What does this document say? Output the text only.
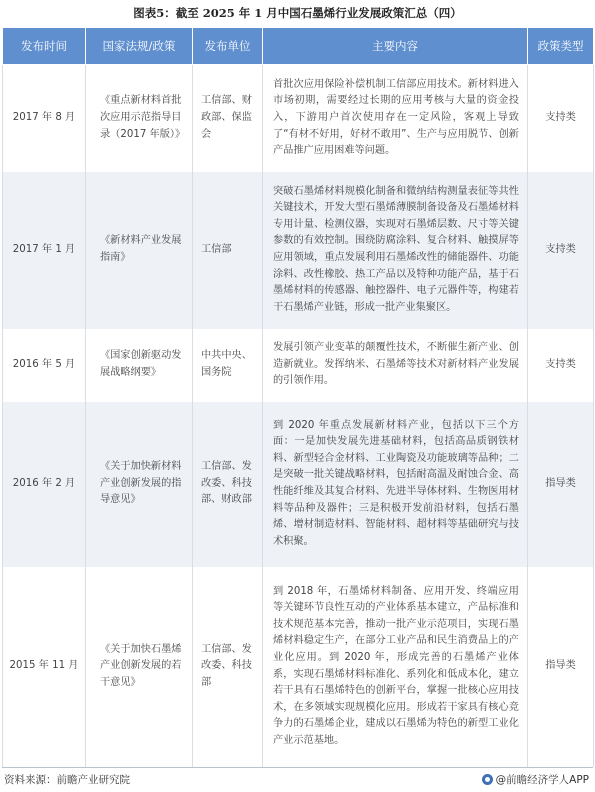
图表5：截至 2025 年 1 月中国石墨烯行业发展政策汇总（四）
发布时间	国家法规/政策	发布单位	主要内容	政策类型
2017 年 8 月	《重点新材料首批次应用示范指导目录（2017 年版）》	工信部、财政部、保监会	首批次应用保险补偿机制工信部应用技术。新材料进入市场初期，需要经过长期的应用考核与大量的资金投入，下游用户首次使用存在一定风险，客观上导致了“有材不好用，好材不敢用”、生产与应用脱节、创新产品推广应用困难等问题。	支持类
2017 年 1 月	《新材料产业发展指南》	工信部	突破石墨烯材料规模化制备和微纳结构测量表征等共性关键技术，开发大型石墨烯薄膜制备设备及石墨烯材料专用计量、检测仪器，实现对石墨烯层数、尺寸等关键参数的有效控制。围绕防腐涂料、复合材料、触摸屏等应用领域，重点发展利用石墨烯改性的储能器件、功能涂料、改性橡胶、热工产品以及特种功能产品，基于石墨烯材料的传感器、触控器件、电子元器件等，构建若干石墨烯产业链，形成一批产业集聚区。	支持类
2016 年 5 月	《国家创新驱动发展战略纲要》	中共中央、国务院	发展引领产业变革的颠覆性技术，不断催生新产业、创造新就业。发挥纳米、石墨烯等技术对新材料产业发展的引领作用。	支持类
2016 年 2 月	《关于加快新材料产业创新发展的指导意见》	工信部、发改委、科技部、财政部	到 2020 年重点发展新材料产业，包括以下三个方面：一是加快发展先进基础材料，包括高品质钢铁材料、新型轻合金材料、工业陶瓷及功能玻璃等品种；二是突破一批关键战略材料，包括耐高温及耐蚀合金、高性能纤维及其复合材料、先进半导体材料、生物医用材料等品种及器件；三是积极开发前沿材料，包括石墨烯、增材制造材料、智能材料、超材料等基础研究与技术积聚。	指导类
2015 年 11 月	《关于加快石墨烯产业创新发展的若干意见》	工信部、发改委、科技部	到 2018 年，石墨烯材料制备、应用开发、终端应用等关键环节良性互动的产业体系基本建立，产品标准和技术规范基本完善，推动一批产业示范项目，实现石墨烯材料稳定生产，在部分工业产品和民生消费品上的产业化应用。到 2020 年，形成完善的石墨烯产业体系，实现石墨烯材料标准化、系列化和低成本化，建立若干具有石墨烯特色的创新平台，掌握一批核心应用技术，在多领域实现规模化应用。形成若干家具有核心竞争力的石墨烯企业，建成以石墨烯为特色的新型工业化产业示范基地。	指导类
资料来源：前瞻产业研究院	@前瞻经济学人APP
